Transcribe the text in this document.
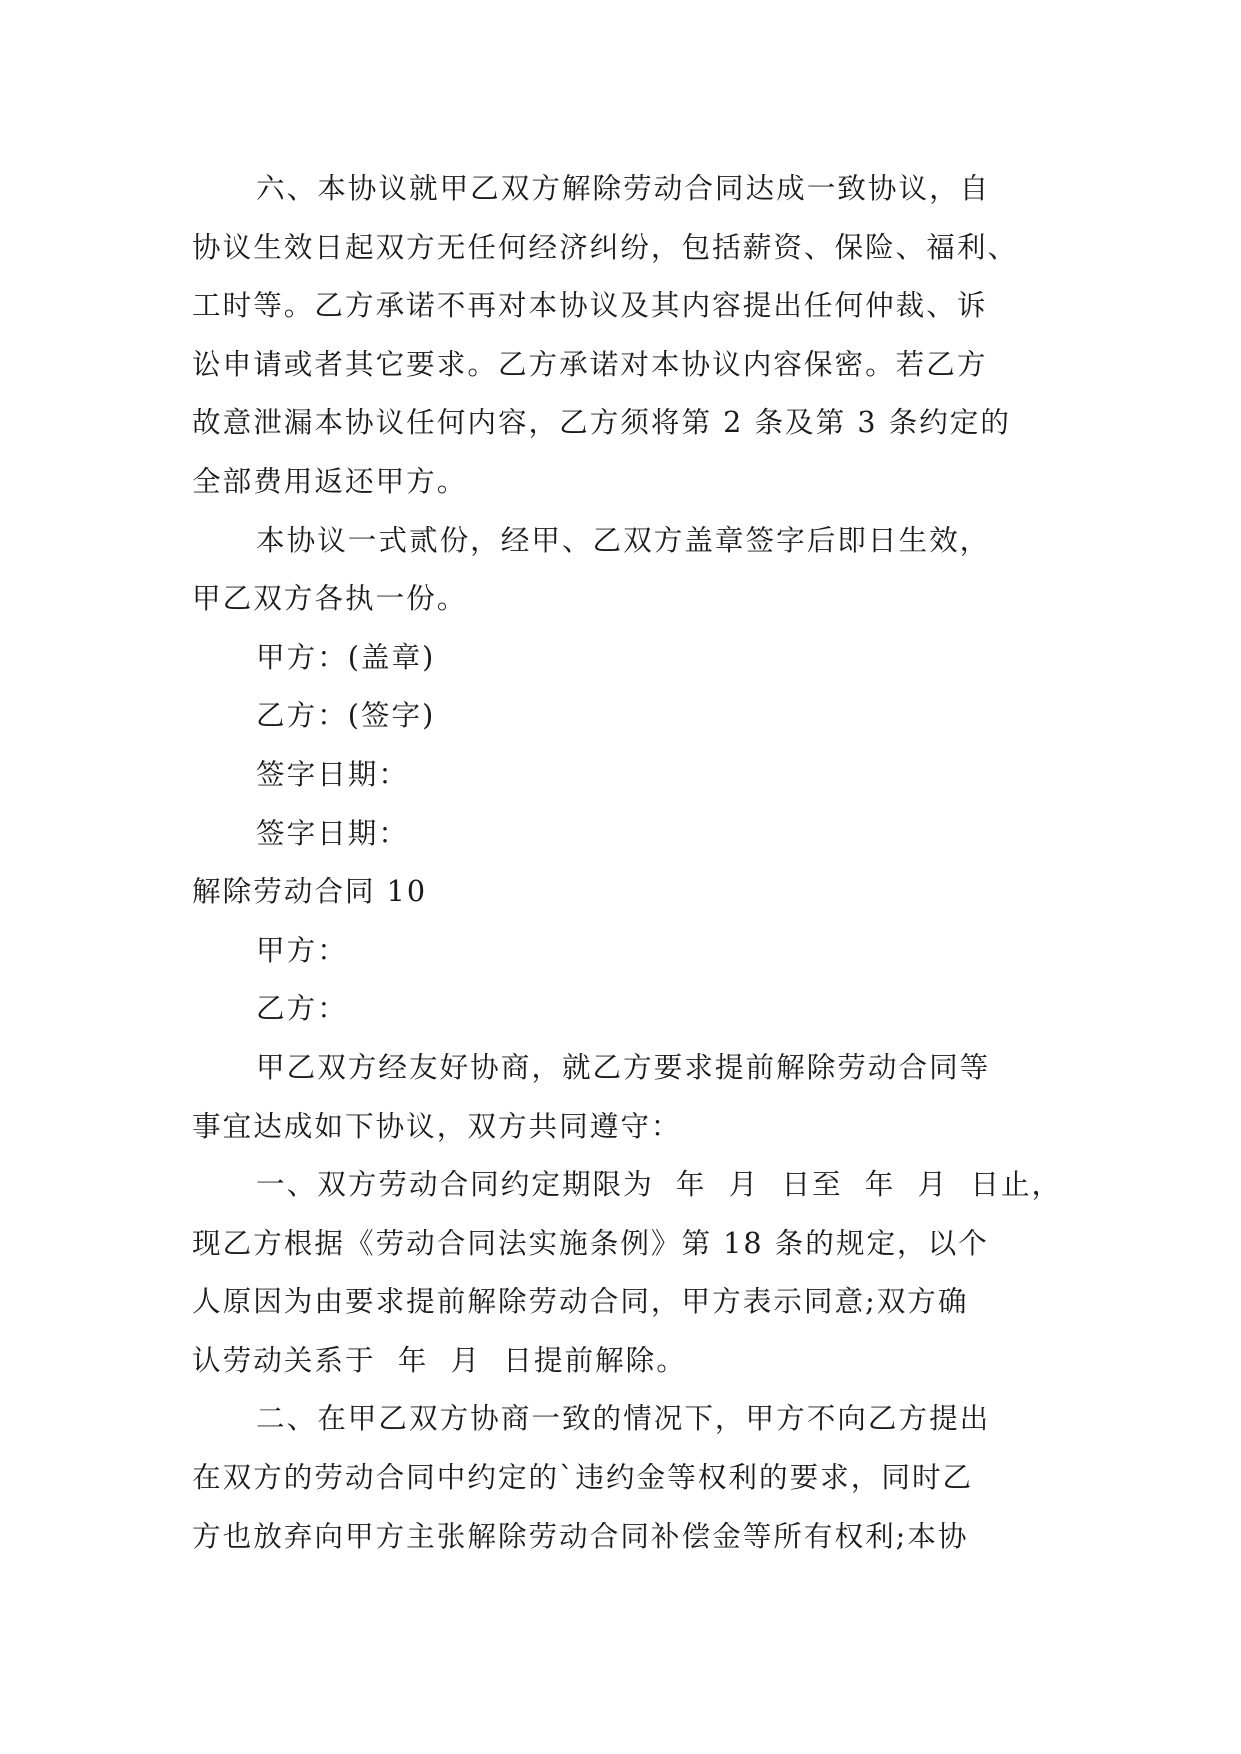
六、本协议就甲乙双方解除劳动合同达成一致协议，自
协议生效日起双方无任何经济纠纷，包括薪资、保险、福利、
工时等。乙方承诺不再对本协议及其内容提出任何仲裁、诉
讼申请或者其它要求。乙方承诺对本协议内容保密。若乙方
故意泄漏本协议任何内容，乙方须将第 2 条及第 3 条约定的
全部费用返还甲方。
本协议一式贰份，经甲、乙双方盖章签字后即日生效，
甲乙双方各执一份。
甲方：(盖章)
乙方：(签字)
签字日期：
签字日期：
解除劳动合同 10
甲方：
乙方：
甲乙双方经友好协商，就乙方要求提前解除劳动合同等
事宜达成如下协议，双方共同遵守：
一、双方劳动合同约定期限为  年  月  日至  年  月  日止，
现乙方根据《劳动合同法实施条例》第 18 条的规定，以个
人原因为由要求提前解除劳动合同，甲方表示同意;双方确
认劳动关系于  年  月  日提前解除。
二、在甲乙双方协商一致的情况下，甲方不向乙方提出
在双方的劳动合同中约定的`违约金等权利的要求，同时乙
方也放弃向甲方主张解除劳动合同补偿金等所有权利;本协
